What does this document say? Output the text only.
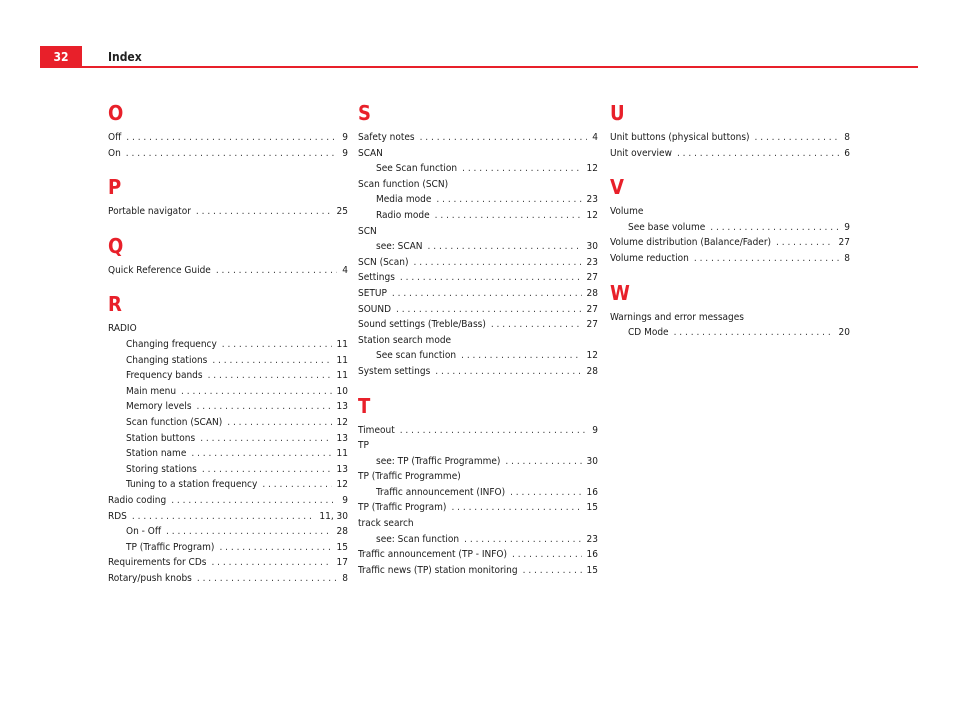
32	Index
O
Off . . .	9
On . . .	9
P
Portable navigator . . .	25
Q
Quick Reference Guide . . .	4
R
RADIO
Changing frequency . . .	11
Changing stations . . .	11
Frequency bands . . .	11
Main menu . . .	10
Memory levels . . .	13
Scan function (SCAN) . . .	12
Station buttons . . .	13
Station name . . .	11
Storing stations . . .	13
Tuning to a station frequency . . .	12
Radio coding . . .	9
RDS . . .	11, 30
On - Off . . .	28
TP (Traffic Program) . . .	15
Requirements for CDs . . .	17
Rotary/push knobs . . .	8
S
Safety notes . . .	4
SCAN
See Scan function . . .	12
Scan function (SCN)
Media mode . . .	23
Radio mode . . .	12
SCN
see: SCAN . . .	30
SCN (Scan) . . .	23
Settings . . .	27
SETUP . . .	28
SOUND . . .	27
Sound settings (Treble/Bass) . . .	27
Station search mode
See scan function . . .	12
System settings . . .	28
T
Timeout . . .	9
TP
see: TP (Traffic Programme) . . .	30
TP (Traffic Programme)
Traffic announcement (INFO) . . .	16
TP (Traffic Program) . . .	15
track search
see: Scan function . . .	23
Traffic announcement (TP - INFO) . . .	16
Traffic news (TP) station monitoring . . .	15
U
Unit buttons (physical buttons) . . .	8
Unit overview . . .	6
V
Volume
See base volume . . .	9
Volume distribution (Balance/Fader) . . .	27
Volume reduction . . .	8
W
Warnings and error messages
CD Mode . . .	20
